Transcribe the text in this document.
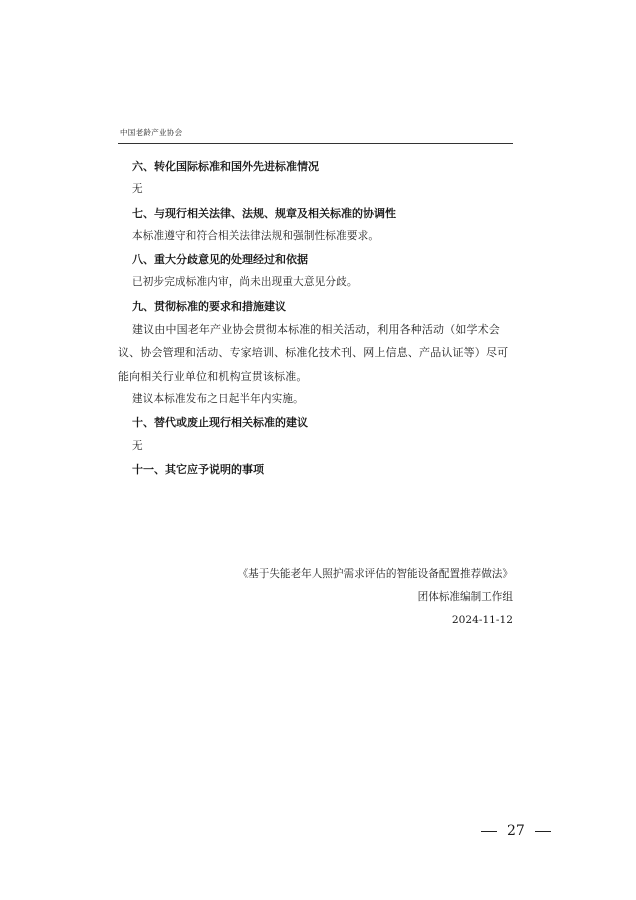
中国老龄产业协会
六、转化国际标准和国外先进标准情况
无
七、与现行相关法律、法规、规章及相关标准的协调性
本标准遵守和符合相关法律法规和强制性标准要求。
八、重大分歧意见的处理经过和依据
已初步完成标准内审，尚未出现重大意见分歧。
九、贯彻标准的要求和措施建议
建议由中国老年产业协会贯彻本标准的相关活动，利用各种活动（如学术会
议、协会管理和活动、专家培训、标准化技术刊、网上信息、产品认证等）尽可
能向相关行业单位和机构宣贯该标准。
建议本标准发布之日起半年内实施。
十、替代或废止现行相关标准的建议
无
十一、其它应予说明的事项
《基于失能老年人照护需求评估的智能设备配置推荐做法》
团体标准编制工作组
2024-11-12
27
